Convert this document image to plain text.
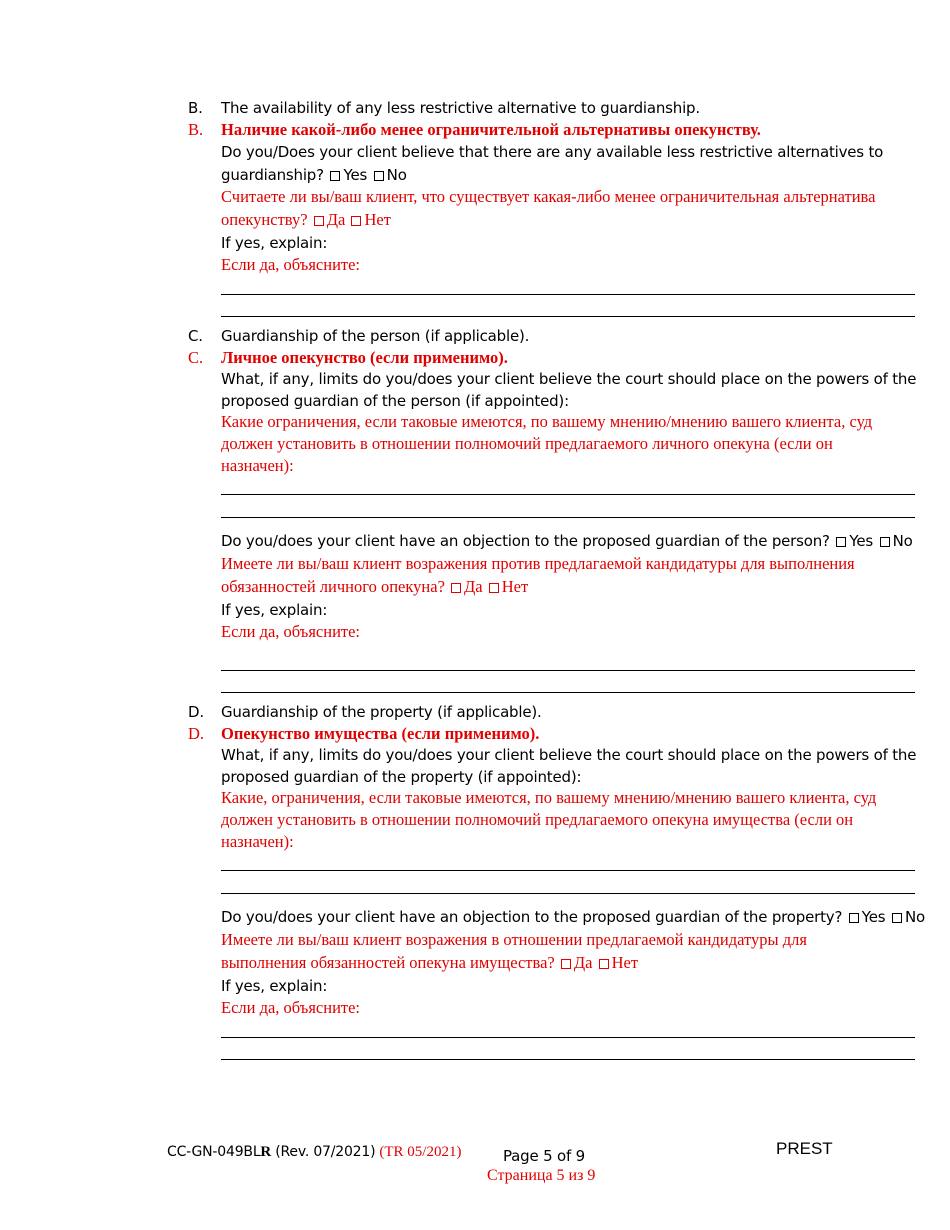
B. The availability of any less restrictive alternative to guardianship.
B. Наличие какой-либо менее ограничительной альтернативы опекунству.
Do you/Does your client believe that there are any available less restrictive alternatives to
guardianship? Yes No
Считаете ли вы/ваш клиент, что существует какая-либо менее ограничительная альтернатива
опекунству? Да Нет
If yes, explain:
Если да, объясните:
C. Guardianship of the person (if applicable).
C. Личное опекунство (если применимо).
What, if any, limits do you/does your client believe the court should place on the powers of the
proposed guardian of the person (if appointed):
Какие ограничения, если таковые имеются, по вашему мнению/мнению вашего клиента, суд
должен установить в отношении полномочий предлагаемого личного опекуна (если он
назначен):
Do you/does your client have an objection to the proposed guardian of the person? Yes No
Имеете ли вы/ваш клиент возражения против предлагаемой кандидатуры для выполнения
обязанностей личного опекуна? Да Нет
If yes, explain:
Если да, объясните:
D. Guardianship of the property (if applicable).
D. Опекунство имущества (если применимо).
What, if any, limits do you/does your client believe the court should place on the powers of the
proposed guardian of the property (if appointed):
Какие, ограничения, если таковые имеются, по вашему мнению/мнению вашего клиента, суд
должен установить в отношении полномочий предлагаемого опекуна имущества (если он
назначен):
Do you/does your client have an objection to the proposed guardian of the property? Yes No
Имеете ли вы/ваш клиент возражения в отношении предлагаемой кандидатуры для
выполнения обязанностей опекуна имущества? Да Нет
If yes, explain:
Если да, объясните:
CC-GN-049BLR (Rev. 07/2021) (TR 05/2021)	Page 5 of 9
Страница 5 из 9
PREST
